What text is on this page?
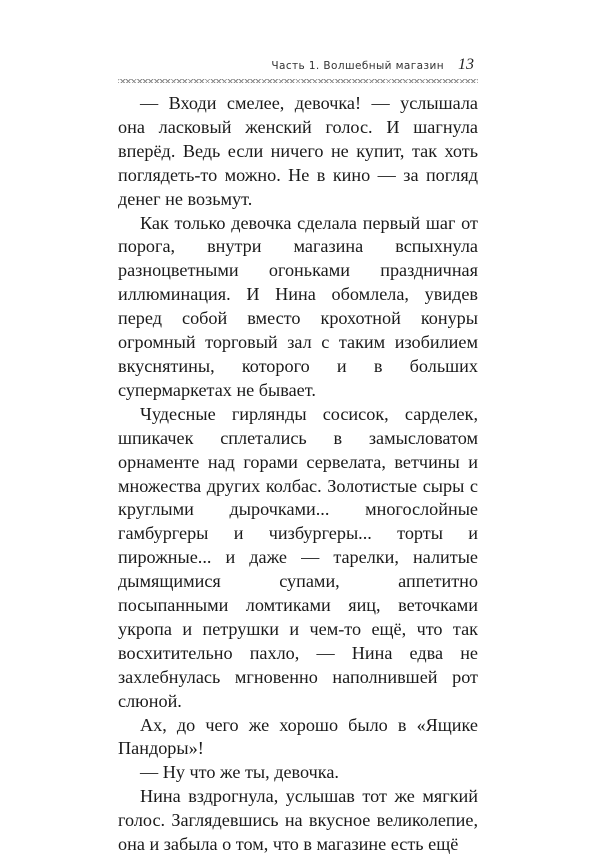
Часть 1. Волшебный магазин 13

— Входи смелее, девочка! — услышала она ласковый женский голос. И шагнула вперёд. Ведь если ничего не купит, так хоть поглядеть-то можно. Не в кино — за погляд денег не возьмут.

Как только девочка сделала первый шаг от порога, внутри магазина вспыхнула разноцветными огоньками праздничная иллюминация. И Нина обомлела, увидев перед собой вместо крохотной конуры огромный торговый зал с таким изобилием вкуснятины, которого и в больших супермаркетах не бывает.

Чудесные гирлянды сосисок, сарделек, шпикачек сплетались в замысловатом орнаменте над горами сервелата, ветчины и множества других колбас. Золотистые сыры с круглыми дырочками... многослойные гамбургеры и чизбургеры... торты и пирожные... и даже — тарелки, налитые дымящимися супами, аппетитно посыпанными ломтиками яиц, веточками укропа и петрушки и чем-то ещё, что так восхитительно пахло, — Нина едва не захлебнулась мгновенно наполнившей рот слюной.

Ах, до чего же хорошо было в «Ящике Пандоры»!

— Ну что же ты, девочка.

Нина вздрогнула, услышав тот же мягкий голос. Заглядевшись на вкусное великолепие, она и забыла о том, что в магазине есть ещё
